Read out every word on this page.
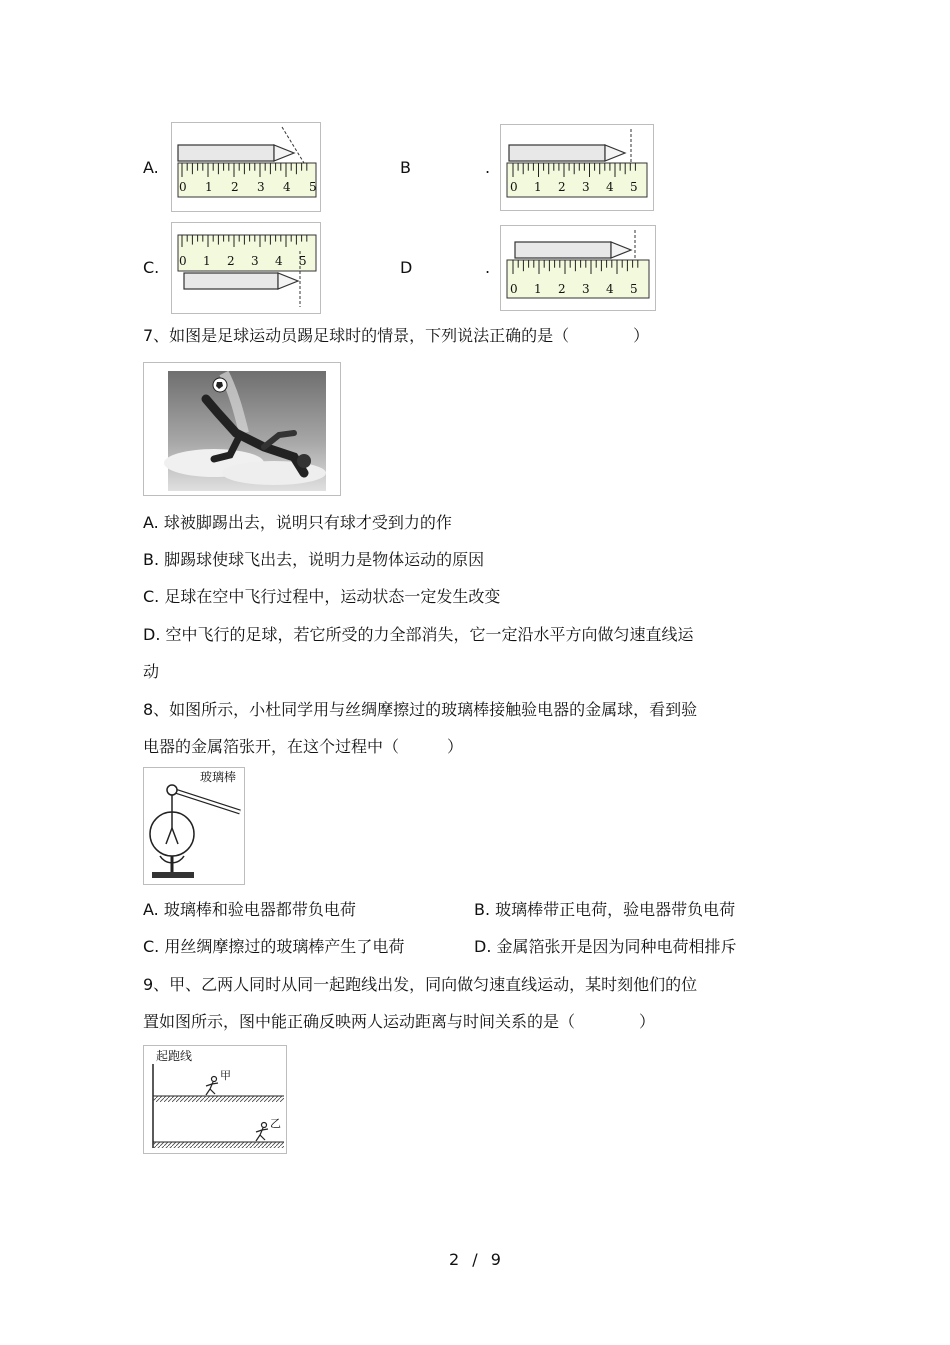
A.	B	.
C.	D	.
0 1 2 3 4 5	0 1 2 3 4 5
0 1 2 3 4 5
0 1 2 3 4 5
7、如图是足球运动员踢足球时的情景，下列说法正确的是（　　　　）
A. 球被脚踢出去，说明只有球才受到力的作
B. 脚踢球使球飞出去，说明力是物体运动的原因
C. 足球在空中飞行过程中，运动状态一定发生改变
D. 空中飞行的足球，若它所受的力全部消失，它一定沿水平方向做匀速直线运
动
8、如图所示，小杜同学用与丝绸摩擦过的玻璃棒接触验电器的金属球，看到验
电器的金属箔张开，在这个过程中（　　　）
玻璃棒
A. 玻璃棒和验电器都带负电荷	B. 玻璃棒带正电荷，验电器带负电荷
C. 用丝绸摩擦过的玻璃棒产生了电荷	D. 金属箔张开是因为同种电荷相排斥
9、甲、乙两人同时从同一起跑线出发，同向做匀速直线运动，某时刻他们的位
置如图所示，图中能正确反映两人运动距离与时间关系的是（　　　　）
起跑线
甲
乙
2 / 9
